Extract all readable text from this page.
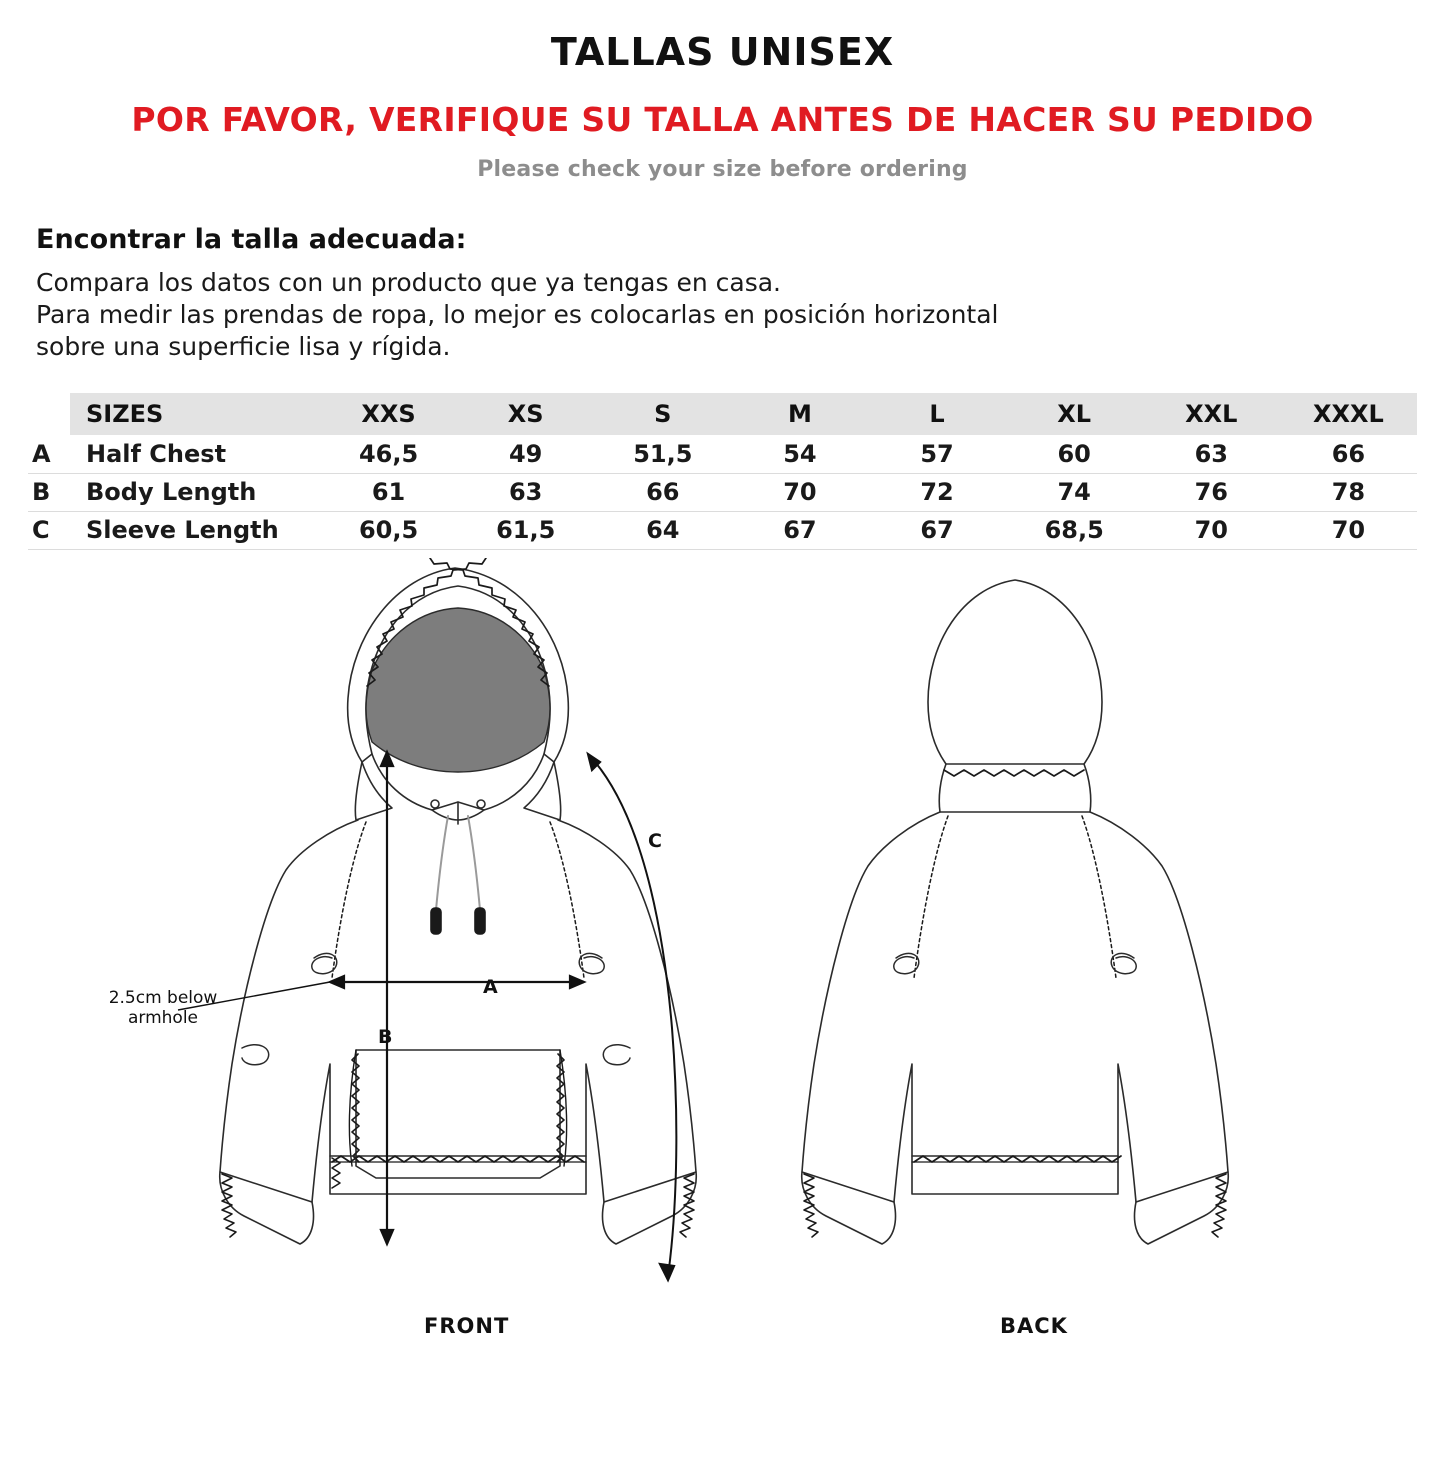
TALLAS UNISEX
POR FAVOR, VERIFIQUE SU TALLA ANTES DE HACER SU PEDIDO
Please check your size before ordering
Encontrar la talla adecuada:
Compara los datos con un producto que ya tengas en casa.
Para medir las prendas de ropa, lo mejor es colocarlas en posición horizontal
sobre una superficie lisa y rígida.
	SIZES	XXS	XS	S	M	L	XL	XXL	XXXL
A	Half Chest	46,5	49	51,5	54	57	60	63	66
B	Body Length	61	63	66	70	72	74	76	78
C	Sleeve Length	60,5	61,5	64	67	67	68,5	70	70
A
B
C
2.5cm below armhole
FRONT	BACK
